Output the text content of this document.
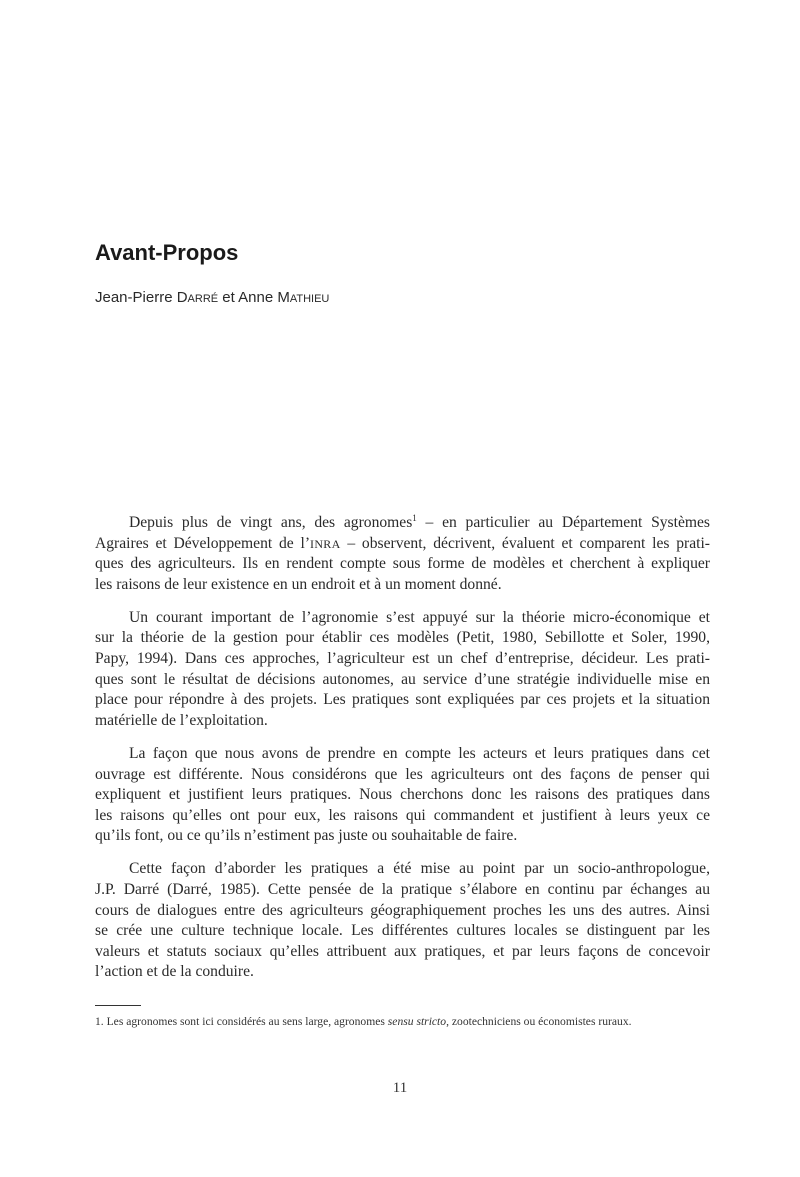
Avant-Propos
Jean-Pierre Darré et Anne Mathieu
Depuis plus de vingt ans, des agronomes$^1$ – en particulier au Département Systèmes
Agraires et Développement de l’INRA – observent, décrivent, évaluent et comparent les prati-
ques des agriculteurs. Ils en rendent compte sous forme de modèles et cherchent à expliquer
les raisons de leur existence en un endroit et à un moment donné.
Un courant important de l’agronomie s’est appuyé sur la théorie micro-économique et
sur la théorie de la gestion pour établir ces modèles (Petit, 1980, Sebillotte et Soler, 1990,
Papy, 1994). Dans ces approches, l’agriculteur est un chef d’entreprise, décideur. Les prati-
ques sont le résultat de décisions autonomes, au service d’une stratégie individuelle mise en
place pour répondre à des projets. Les pratiques sont expliquées par ces projets et la situation
matérielle de l’exploitation.
La façon que nous avons de prendre en compte les acteurs et leurs pratiques dans cet
ouvrage est différente. Nous considérons que les agriculteurs ont des façons de penser qui
expliquent et justifient leurs pratiques. Nous cherchons donc les raisons des pratiques dans
les raisons qu’elles ont pour eux, les raisons qui commandent et justifient à leurs yeux ce
qu’ils font, ou ce qu’ils n’estiment pas juste ou souhaitable de faire.
Cette façon d’aborder les pratiques a été mise au point par un socio-anthropologue,
J.P. Darré (Darré, 1985). Cette pensée de la pratique s’élabore en continu par échanges au
cours de dialogues entre des agriculteurs géographiquement proches les uns des autres. Ainsi
se crée une culture technique locale. Les différentes cultures locales se distinguent par les
valeurs et statuts sociaux qu’elles attribuent aux pratiques, et par leurs façons de concevoir
l’action et de la conduire.
1. Les agronomes sont ici considérés au sens large, agronomes sensu stricto, zootechniciens ou économistes ruraux.
11
